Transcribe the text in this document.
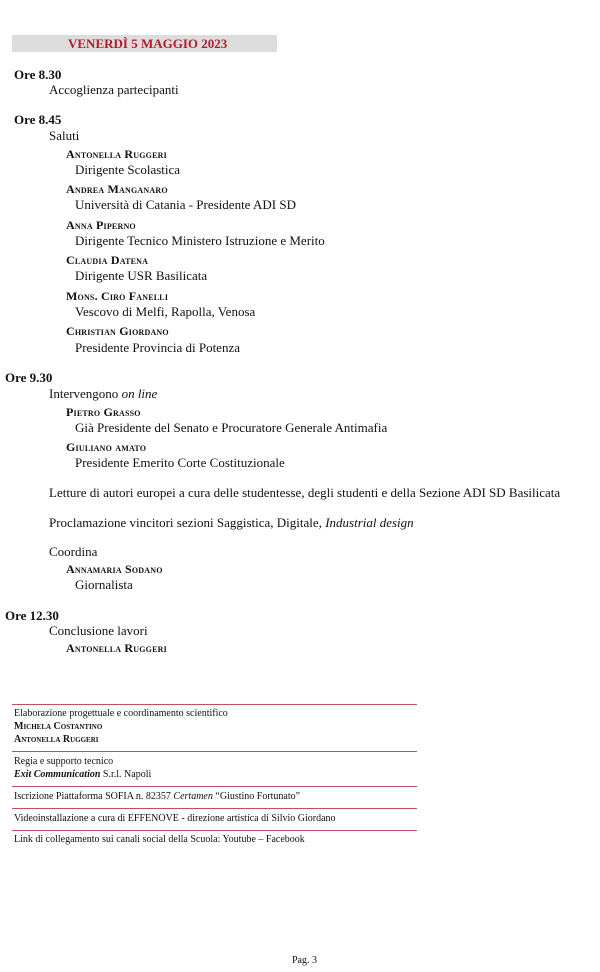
VENERDÌ 5 MAGGIO 2023
Ore 8.30
Accoglienza partecipanti
Ore 8.45
Saluti
Antonella Ruggeri
Dirigente Scolastica
Andrea Manganaro
Università di Catania - Presidente ADI SD
Anna Piperno
Dirigente Tecnico Ministero Istruzione e Merito
Claudia Datena
Dirigente USR Basilicata
Mons. Ciro Fanelli
Vescovo di Melfi, Rapolla, Venosa
Christian Giordano
Presidente Provincia di Potenza
Ore 9.30
Intervengono on line
Pietro Grasso
Già Presidente del Senato e Procuratore Generale Antimafia
Giuliano amato
Presidente Emerito Corte Costituzionale
Letture di autori europei a cura delle studentesse, degli studenti e della Sezione ADI SD Basilicata
Proclamazione vincitori sezioni Saggistica, Digitale, Industrial design
Coordina
Annamaria Sodano
Giornalista
Ore 12.30
Conclusione lavori
Antonella Ruggeri
Elaborazione progettuale e coordinamento scientifico
Michela Costantino
Antonella Ruggeri
Regia e supporto tecnico
Exit Communication S.r.l. Napoli
Iscrizione Piattaforma SOFIA n. 82357 Certamen “Giustino Fortunato”
Videoinstallazione a cura di EFFENOVE - direzione artistica di Silvio Giordano
Link di collegamento sui canali social della Scuola: Youtube – Facebook
Pag. 3
